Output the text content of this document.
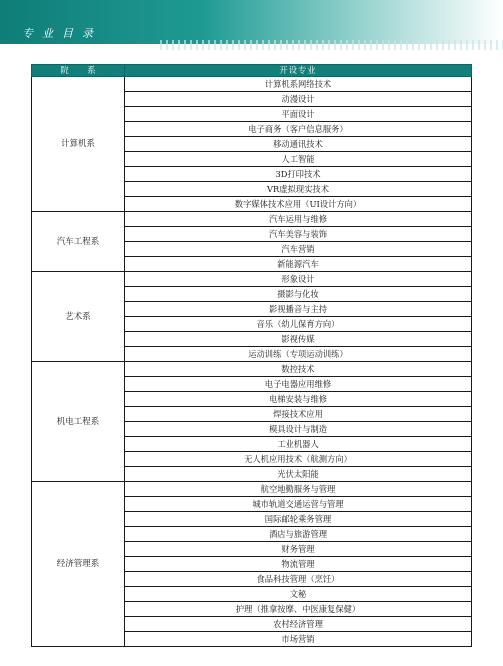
专业目录
院 系	开设专业
计算机系	计算机系网络技术
	动漫设计
	平面设计
	电子商务（客户信息服务）
	移动通讯技术
	人工智能
	3D打印技术
	VR虚拟现实技术
	数字媒体技术应用（UI设计方向）
汽车工程系	汽车运用与维修
	汽车美容与装饰
	汽车营销
	新能源汽车
艺术系	形象设计
	摄影与化妆
	影视播音与主持
	音乐（幼儿保育方向）
	影视传媒
	运动训练（专项运动训练）
机电工程系	数控技术
	电子电器应用维修
	电梯安装与维修
	焊接技术应用
	模具设计与制造
	工业机器人
	无人机应用技术（航测方向）
	光伏太阳能
经济管理系	航空地勤服务与管理
	城市轨道交通运营与管理
	国际邮轮乘务管理
	酒店与旅游管理
	财务管理
	物流管理
	食品科技管理（烹饪）
	文秘
	护理（推拿按摩、中医康复保健）
	农村经济管理
	市场营销
